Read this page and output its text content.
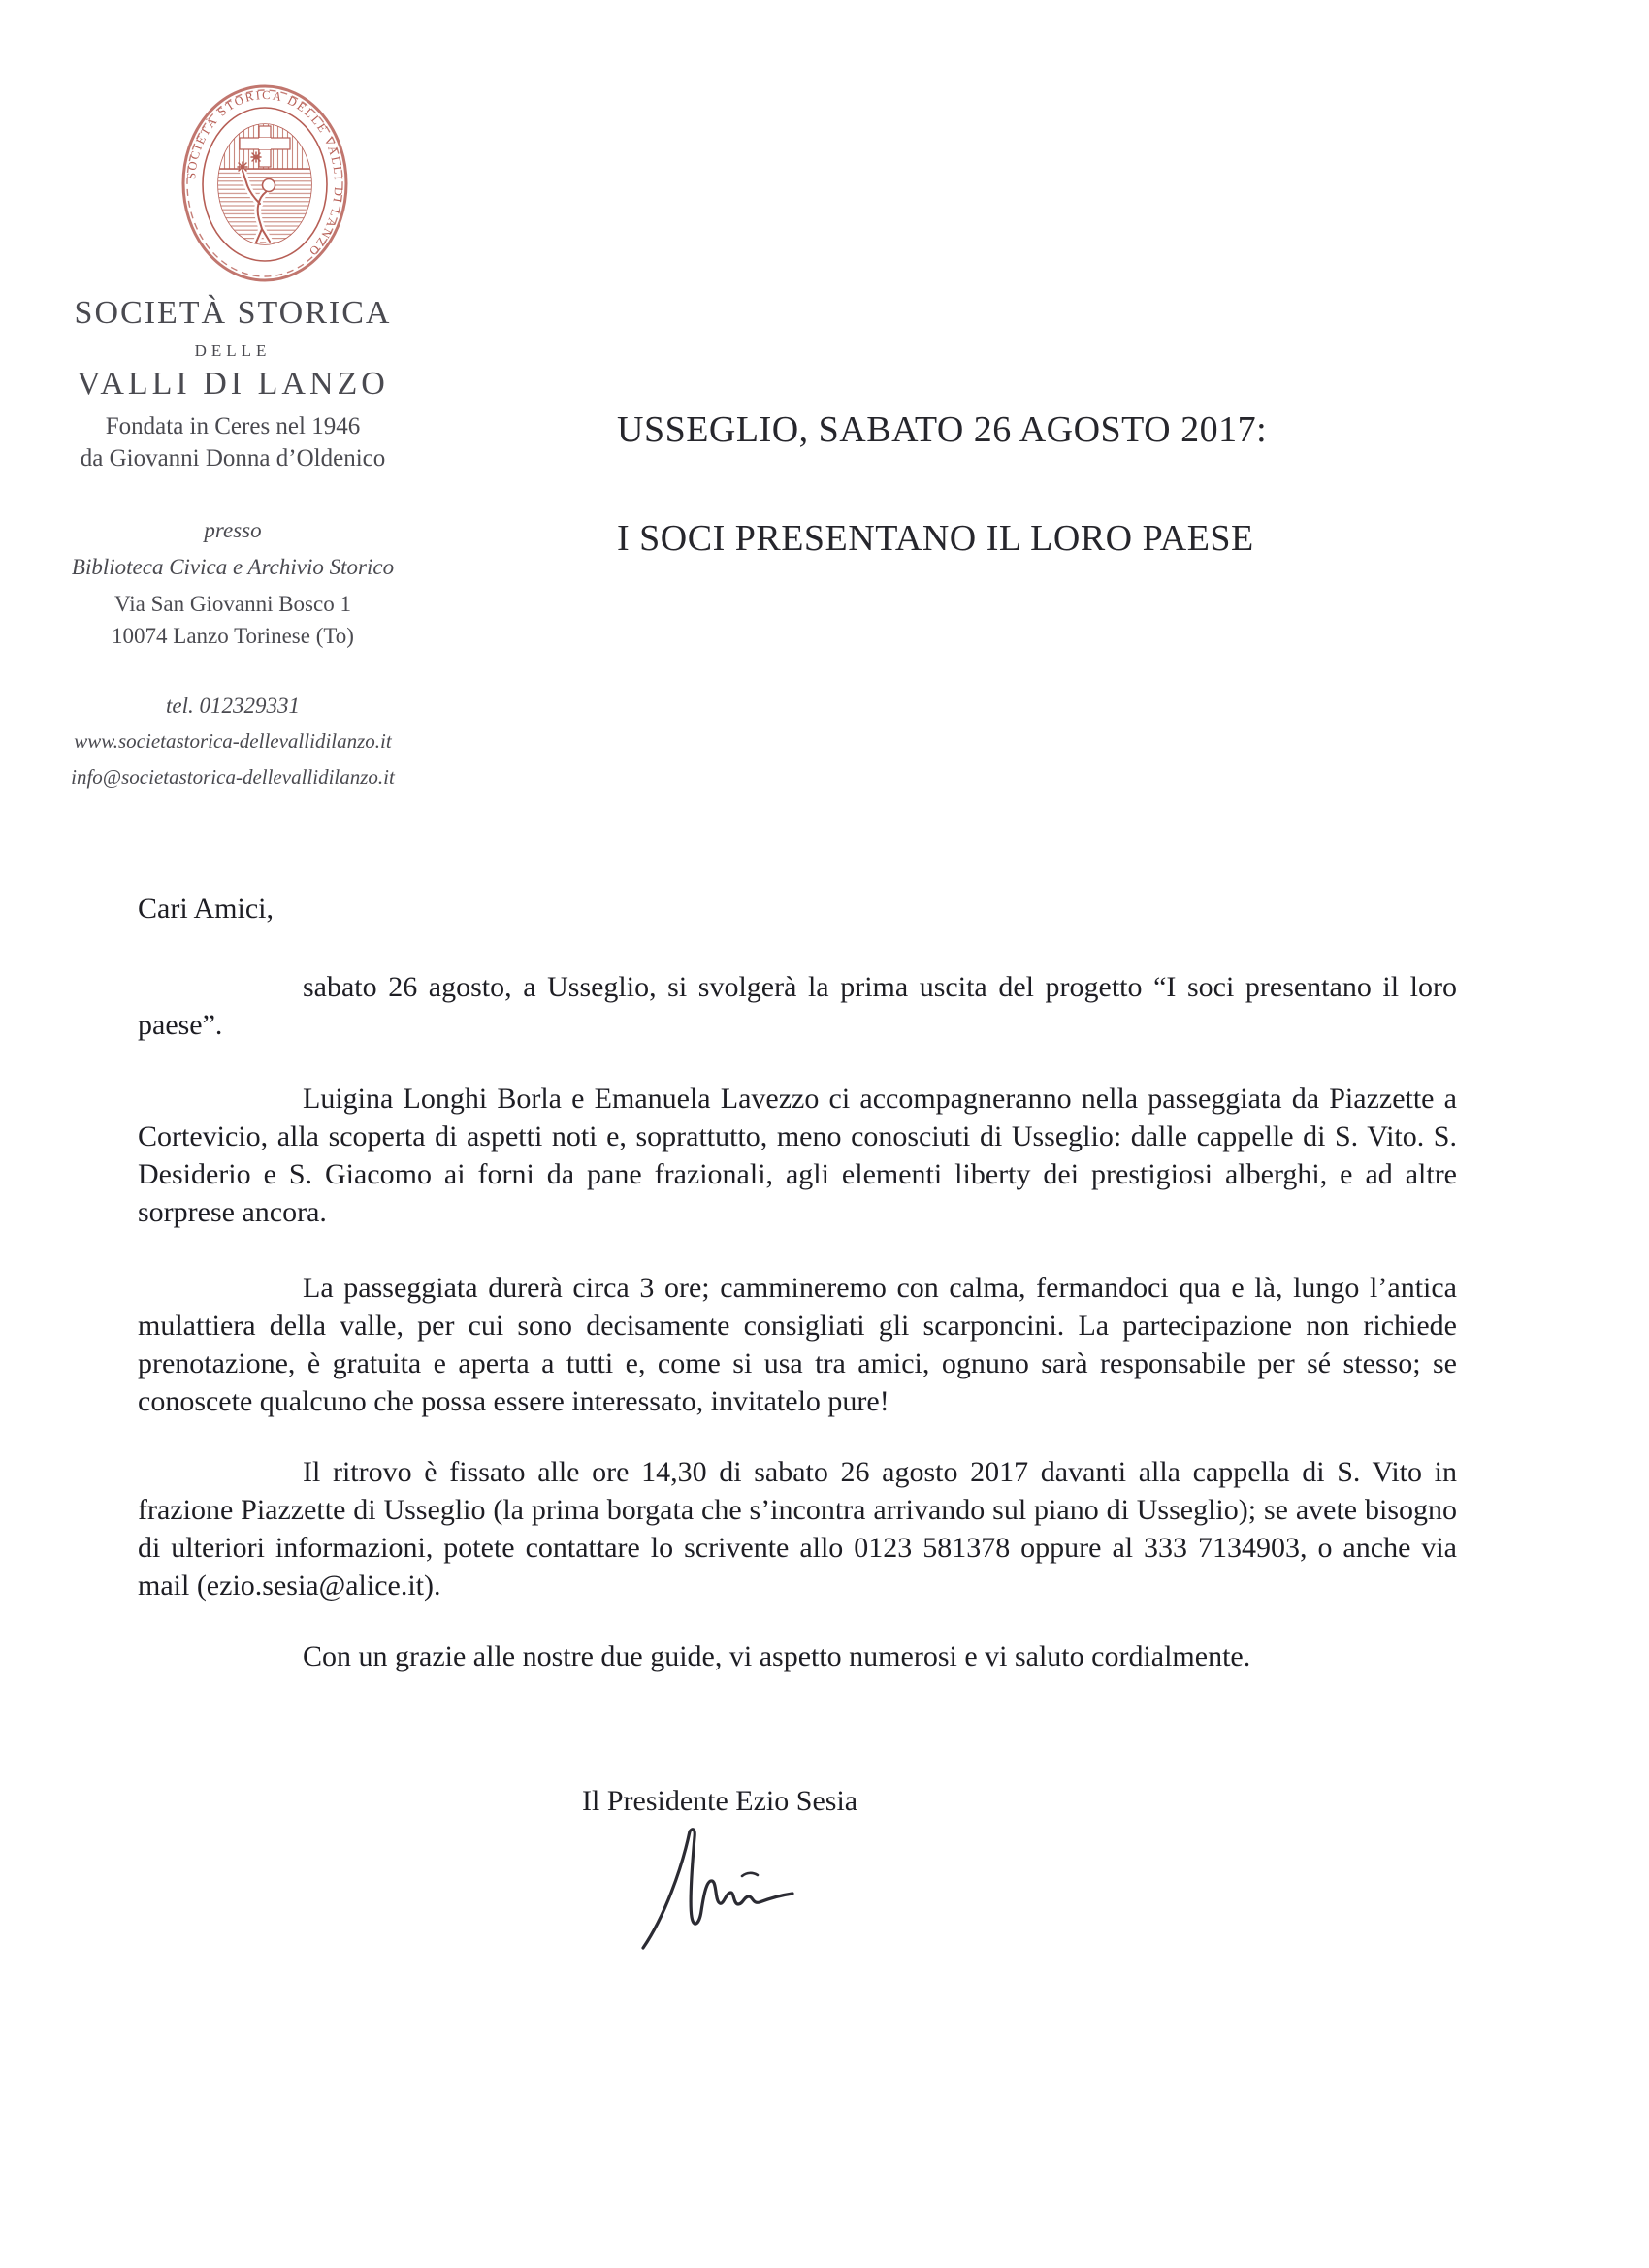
SOCIETÀ STORICA DELLE VALLI DI LANZO
SOCIETÀ STORICA
DELLE
VALLI DI LANZO
Fondata in Ceres nel 1946
da Giovanni Donna d’Oldenico
presso
Biblioteca Civica e Archivio Storico
Via San Giovanni Bosco 1
10074 Lanzo Torinese (To)
tel. 012329331
www.societastorica-dellevallidilanzo.it
info@societastorica-dellevallidilanzo.it
USSEGLIO, SABATO 26 AGOSTO 2017:
I SOCI PRESENTANO IL LORO PAESE
Cari Amici,
sabato 26 agosto, a Usseglio, si svolgerà la prima uscita del progetto “I soci presentano il loro paese”.
Luigina Longhi Borla e Emanuela Lavezzo ci accompagneranno nella passeggiata da Piazzette a Cortevicio, alla scoperta di aspetti noti e, soprattutto, meno conosciuti di Usseglio: dalle cappelle di S. Vito. S. Desiderio e S. Giacomo ai forni da pane frazionali, agli elementi liberty dei prestigiosi alberghi, e ad altre sorprese ancora.
La passeggiata durerà circa 3 ore; cammineremo con calma, fermandoci qua e là, lungo l’antica mulattiera della valle, per cui sono decisamente consigliati gli scarponcini. La partecipazione non richiede prenotazione, è gratuita e aperta a tutti e, come si usa tra amici, ognuno sarà responsabile per sé stesso; se conoscete qualcuno che possa essere interessato, invitatelo pure!
Il ritrovo è fissato alle ore 14,30 di sabato 26 agosto 2017 davanti alla cappella di S. Vito in frazione Piazzette di Usseglio (la prima borgata che s’incontra arrivando sul piano di Usseglio); se avete bisogno di ulteriori informazioni, potete contattare lo scrivente allo 0123 581378 oppure al 333 7134903, o anche via mail (ezio.sesia@alice.it).
Con un grazie alle nostre due guide, vi aspetto numerosi e vi saluto cordialmente.
Il Presidente Ezio Sesia
